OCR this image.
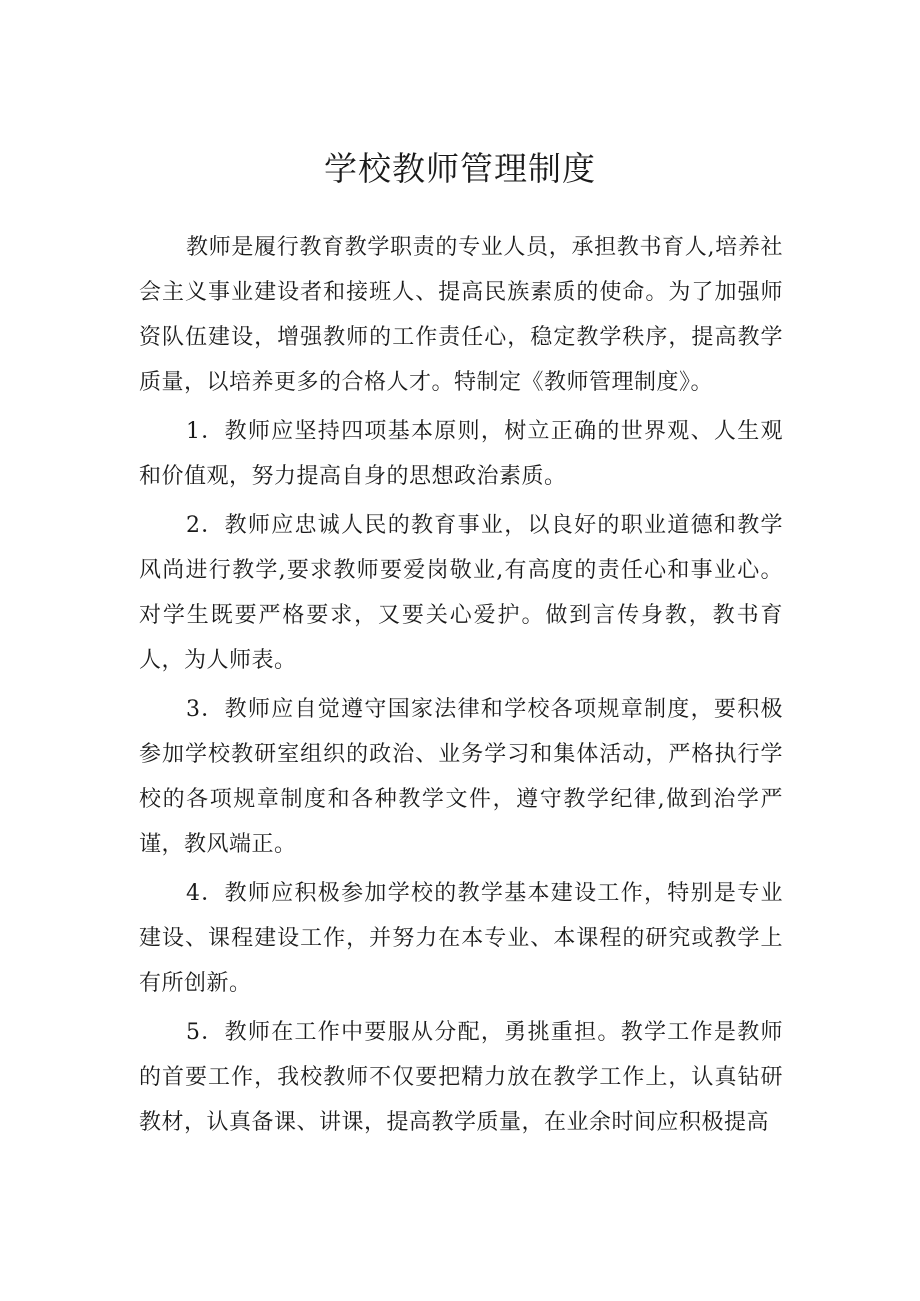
学校教师管理制度

教师是履行教育教学职责的专业人员，承担教书育人,培养社会主义事业建设者和接班人、提高民族素质的使命。为了加强师资队伍建设，增强教师的工作责任心，稳定教学秩序，提高教学质量，以培养更多的合格人才。特制定《教师管理制度》。

1．教师应坚持四项基本原则，树立正确的世界观、人生观和价值观，努力提高自身的思想政治素质。

2．教师应忠诚人民的教育事业，以良好的职业道德和教学风尚进行教学,要求教师要爱岗敬业,有高度的责任心和事业心。对学生既要严格要求，又要关心爱护。做到言传身教，教书育人，为人师表。

3．教师应自觉遵守国家法律和学校各项规章制度，要积极参加学校教研室组织的政治、业务学习和集体活动，严格执行学校的各项规章制度和各种教学文件，遵守教学纪律,做到治学严谨，教风端正。

4．教师应积极参加学校的教学基本建设工作，特别是专业建设、课程建设工作，并努力在本专业、本课程的研究或教学上有所创新。

5．教师在工作中要服从分配，勇挑重担。教学工作是教师的首要工作，我校教师不仅要把精力放在教学工作上，认真钻研教材，认真备课、讲课，提高教学质量，在业余时间应积极提高
